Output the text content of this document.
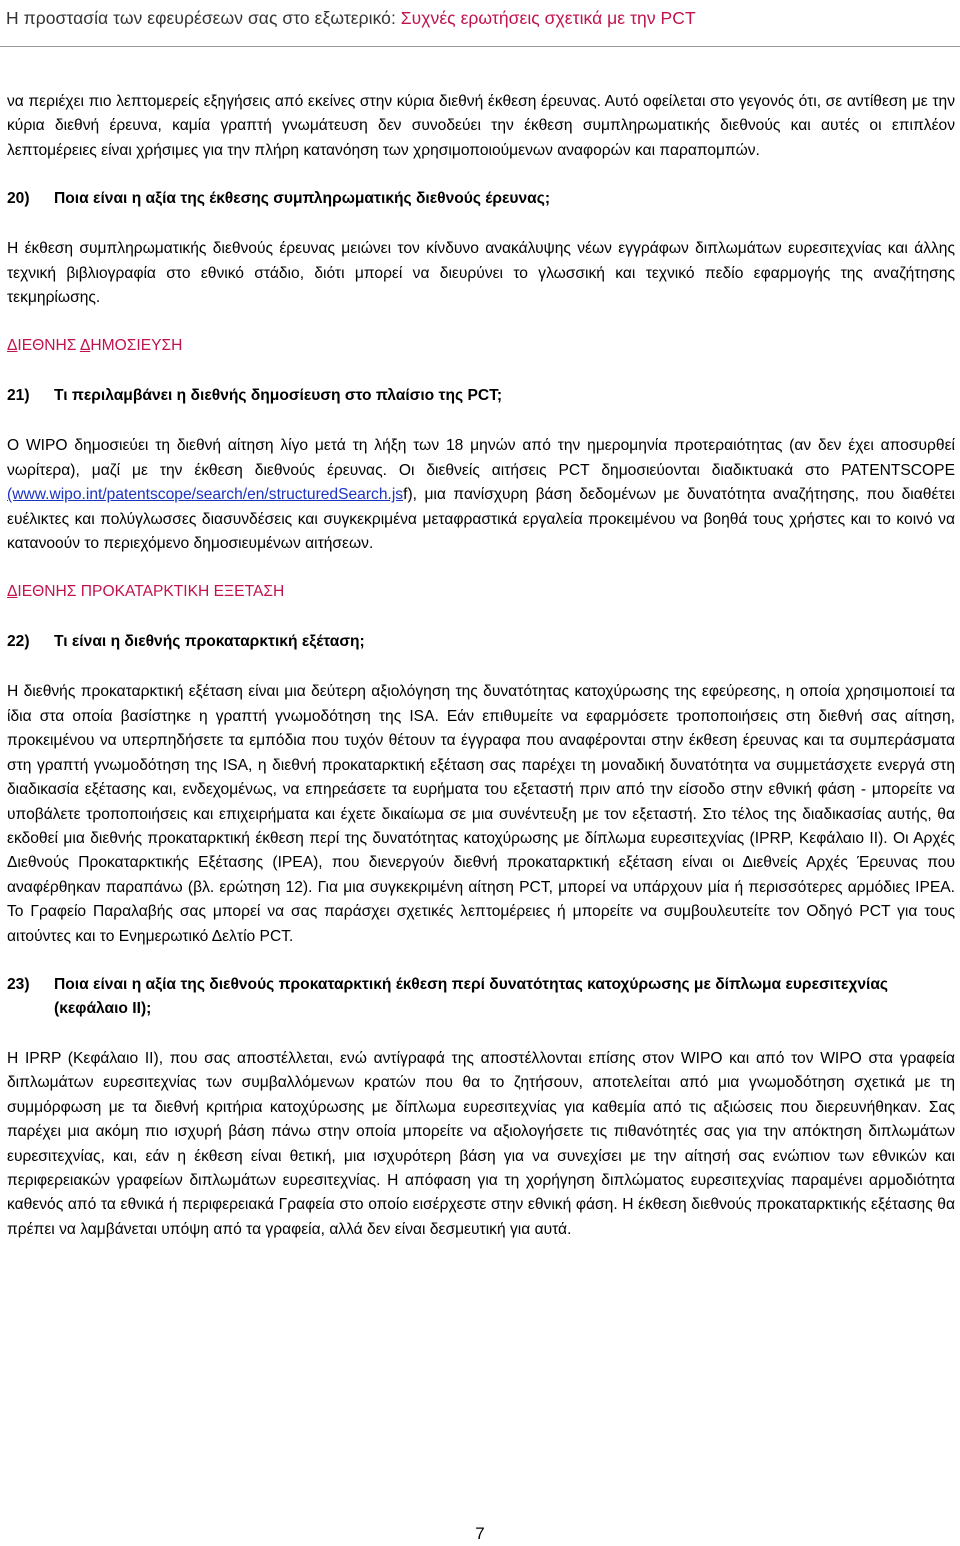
Η προστασία των εφευρέσεων σας στο εξωτερικό: Συχνές ερωτήσεις σχετικά με την PCT

να περιέχει πιο λεπτομερείς εξηγήσεις από εκείνες στην κύρια διεθνή έκθεση έρευνας. Αυτό οφείλεται στο γεγονός ότι, σε αντίθεση με την κύρια διεθνή έρευνα, καμία γραπτή γνωμάτευση δεν συνοδεύει την έκθεση συμπληρωματικής διεθνούς και αυτές οι επιπλέον λεπτομέρειες είναι χρήσιμες για την πλήρη κατανόηση των χρησιμοποιούμενων αναφορών και παραπομπών.

20)	Ποια είναι η αξία της έκθεσης συμπληρωματικής διεθνούς έρευνας;

Η έκθεση συμπληρωματικής διεθνούς έρευνας μειώνει τον κίνδυνο ανακάλυψης νέων εγγράφων διπλωμάτων ευρεσιτεχνίας και άλλης τεχνική βιβλιογραφία στο εθνικό στάδιο, διότι μπορεί να διευρύνει το γλωσσική και τεχνικό πεδίο εφαρμογής της αναζήτησης τεκμηρίωσης.

ΔΙΕΘΝΗΣ ΔΗΜΟΣΙΕΥΣΗ
21)	Τι περιλαμβάνει η διεθνής δημοσίευση στο πλαίσιο της PCT;

Ο WIPO δημοσιεύει τη διεθνή αίτηση λίγο μετά τη λήξη των 18 μηνών από την ημερομηνία προτεραιότητας (αν δεν έχει αποσυρθεί νωρίτερα), μαζί με την έκθεση διεθνούς έρευνας. Οι διεθνείς αιτήσεις PCT δημοσιεύονται διαδικτυακά στο PATENTSCOPE (www.wipo.int/patentscope/search/en/structuredSearch.jsf), μια πανίσχυρη βάση δεδομένων με δυνατότητα αναζήτησης, που διαθέτει ευέλικτες και πολύγλωσσες διασυνδέσεις και συγκεκριμένα μεταφραστικά εργαλεία προκειμένου να βοηθά τους χρήστες και το κοινό να κατανοούν το περιεχόμενο δημοσιευμένων αιτήσεων.

ΔΙΕΘΝΗΣ ΠΡΟΚΑΤΑΡΚΤΙΚΗ ΕΞΕΤΑΣΗ
22)	Τι είναι η διεθνής προκαταρκτική εξέταση;

Η διεθνής προκαταρκτική εξέταση είναι μια δεύτερη αξιολόγηση της δυνατότητας κατοχύρωσης της εφεύρεσης, η οποία χρησιμοποιεί τα ίδια στα οποία βασίστηκε η γραπτή γνωμοδότηση της ISA. Εάν επιθυμείτε να εφαρμόσετε τροποποιήσεις στη διεθνή σας αίτηση, προκειμένου να υπερπηδήσετε τα εμπόδια που τυχόν θέτουν τα έγγραφα που αναφέρονται στην έκθεση έρευνας και τα συμπεράσματα στη γραπτή γνωμοδότηση της ISA, η διεθνή προκαταρκτική εξέταση σας παρέχει τη μοναδική δυνατότητα να συμμετάσχετε ενεργά στη διαδικασία εξέτασης και, ενδεχομένως, να επηρεάσετε τα ευρήματα του εξεταστή πριν από την είσοδο στην εθνική φάση - μπορείτε να υποβάλετε τροποποιήσεις και επιχειρήματα και έχετε δικαίωμα σε μια συνέντευξη με τον εξεταστή. Στο τέλος της διαδικασίας αυτής, θα εκδοθεί μια διεθνής προκαταρκτική έκθεση περί της δυνατότητας κατοχύρωσης με δίπλωμα ευρεσιτεχνίας (IPRP, Κεφάλαιο II). Οι Αρχές Διεθνούς Προκαταρκτικής Εξέτασης (IPEA), που διενεργούν διεθνή προκαταρκτική εξέταση είναι οι Διεθνείς Αρχές Έρευνας που αναφέρθηκαν παραπάνω (βλ. ερώτηση 12). Για μια συγκεκριμένη αίτηση PCT, μπορεί να υπάρχουν μία ή περισσότερες αρμόδιες IPEA. Το Γραφείο Παραλαβής σας μπορεί να σας παράσχει σχετικές λεπτομέρειες ή μπορείτε να συμβουλευτείτε τον Οδηγό PCT για τους αιτούντες και το Ενημερωτικό Δελτίο PCT.

23)	Ποια είναι η αξία της διεθνούς προκαταρκτική έκθεση περί δυνατότητας κατοχύρωσης με δίπλωμα ευρεσιτεχνίας (κεφάλαιο ΙΙ);

Η IPRP (Κεφάλαιο II), που σας αποστέλλεται, ενώ αντίγραφά της αποστέλλονται επίσης στον WIPO και από τον WIPO στα γραφεία διπλωμάτων ευρεσιτεχνίας των συμβαλλόμενων κρατών που θα το ζητήσουν, αποτελείται από μια γνωμοδότηση σχετικά με τη συμμόρφωση με τα διεθνή κριτήρια κατοχύρωσης με δίπλωμα ευρεσιτεχνίας για καθεμία από τις αξιώσεις που διερευνήθηκαν. Σας παρέχει μια ακόμη πιο ισχυρή βάση πάνω στην οποία μπορείτε να αξιολογήσετε τις πιθανότητές σας για την απόκτηση διπλωμάτων ευρεσιτεχνίας, και, εάν η έκθεση είναι θετική, μια ισχυρότερη βάση για να συνεχίσει με την αίτησή σας ενώπιον των εθνικών και περιφερειακών γραφείων διπλωμάτων ευρεσιτεχνίας. Η απόφαση για τη χορήγηση διπλώματος ευρεσιτεχνίας παραμένει αρμοδιότητα καθενός από τα εθνικά ή περιφερειακά Γραφεία στο οποίο εισέρχεστε στην εθνική φάση. Η έκθεση διεθνούς προκαταρκτικής εξέτασης θα πρέπει να λαμβάνεται υπόψη από τα γραφεία, αλλά δεν είναι δεσμευτική για αυτά.

7
